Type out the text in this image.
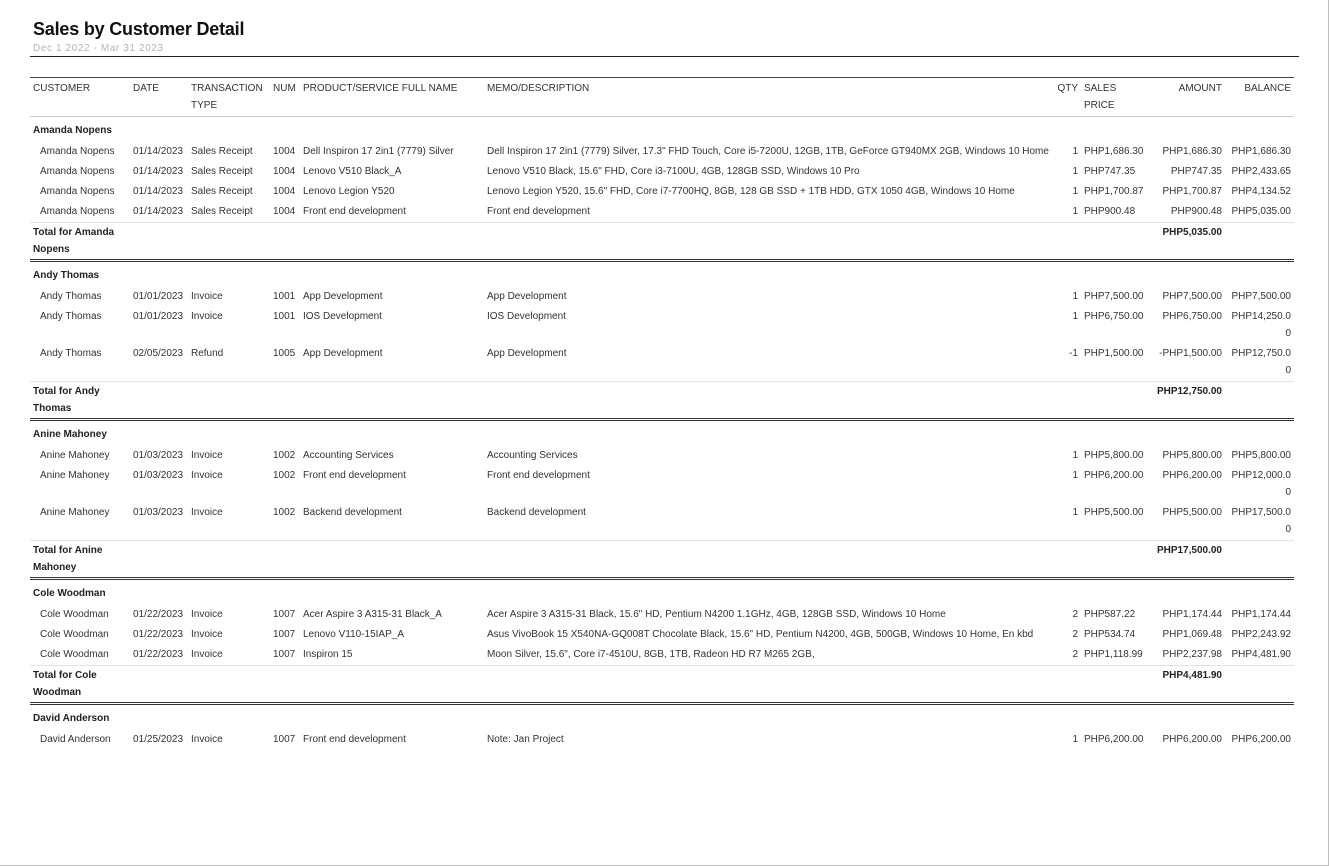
Sales by Customer Detail
Dec 1 2022 - Mar 31 2023
CUSTOMER	DATE	TRANSACTION TYPE	NUM	PRODUCT/SERVICE FULL NAME	MEMO/DESCRIPTION	QTY	SALES PRICE	AMOUNT	BALANCE
Amanda Nopens									
Amanda Nopens	01/14/2023	Sales Receipt	1004	Dell Inspiron 17 2in1 (7779) Silver	Dell Inspiron 17 2in1 (7779) Silver, 17.3" FHD Touch, Core i5-7200U, 12GB, 1TB, GeForce GT940MX 2GB, Windows 10 Home	1	PHP1,686.30	PHP1,686.30	PHP1,686.30
Amanda Nopens	01/14/2023	Sales Receipt	1004	Lenovo V510 Black_A	Lenovo V510 Black, 15.6" FHD, Core i3-7100U, 4GB, 128GB SSD, Windows 10 Pro	1	PHP747.35	PHP747.35	PHP2,433.65
Amanda Nopens	01/14/2023	Sales Receipt	1004	Lenovo Legion Y520	Lenovo Legion Y520, 15.6" FHD, Core i7-7700HQ, 8GB, 128 GB SSD + 1TB HDD, GTX 1050 4GB, Windows 10 Home	1	PHP1,700.87	PHP1,700.87	PHP4,134.52
Amanda Nopens	01/14/2023	Sales Receipt	1004	Front end development	Front end development	1	PHP900.48	PHP900.48	PHP5,035.00
Total for Amanda Nopens								PHP5,035.00	
Andy Thomas									
Andy Thomas	01/01/2023	Invoice	1001	App Development	App Development	1	PHP7,500.00	PHP7,500.00	PHP7,500.00
Andy Thomas	01/01/2023	Invoice	1001	IOS Development	IOS Development	1	PHP6,750.00	PHP6,750.00	PHP14,250.00
Andy Thomas	02/05/2023	Refund	1005	App Development	App Development	-1	PHP1,500.00	-PHP1,500.00	PHP12,750.00
Total for Andy Thomas								PHP12,750.00	
Anine Mahoney									
Anine Mahoney	01/03/2023	Invoice	1002	Accounting Services	Accounting Services	1	PHP5,800.00	PHP5,800.00	PHP5,800.00
Anine Mahoney	01/03/2023	Invoice	1002	Front end development	Front end development	1	PHP6,200.00	PHP6,200.00	PHP12,000.00
Anine Mahoney	01/03/2023	Invoice	1002	Backend development	Backend development	1	PHP5,500.00	PHP5,500.00	PHP17,500.00
Total for Anine Mahoney								PHP17,500.00	
Cole Woodman									
Cole Woodman	01/22/2023	Invoice	1007	Acer Aspire 3 A315-31 Black_A	Acer Aspire 3 A315-31 Black, 15.6" HD, Pentium N4200 1.1GHz, 4GB, 128GB SSD, Windows 10 Home	2	PHP587.22	PHP1,174.44	PHP1,174.44
Cole Woodman	01/22/2023	Invoice	1007	Lenovo V110-15IAP_A	Asus VivoBook 15 X540NA-GQ008T Chocolate Black, 15.6" HD, Pentium N4200, 4GB, 500GB, Windows 10 Home, En kbd	2	PHP534.74	PHP1,069.48	PHP2,243.92
Cole Woodman	01/22/2023	Invoice	1007	Inspiron 15	Moon Silver, 15.6", Core i7-4510U, 8GB, 1TB, Radeon HD R7 M265 2GB,	2	PHP1,118.99	PHP2,237.98	PHP4,481.90
Total for Cole Woodman								PHP4,481.90	
David Anderson									
David Anderson	01/25/2023	Invoice	1007	Front end development	Note: Jan Project	1	PHP6,200.00	PHP6,200.00	PHP6,200.00
